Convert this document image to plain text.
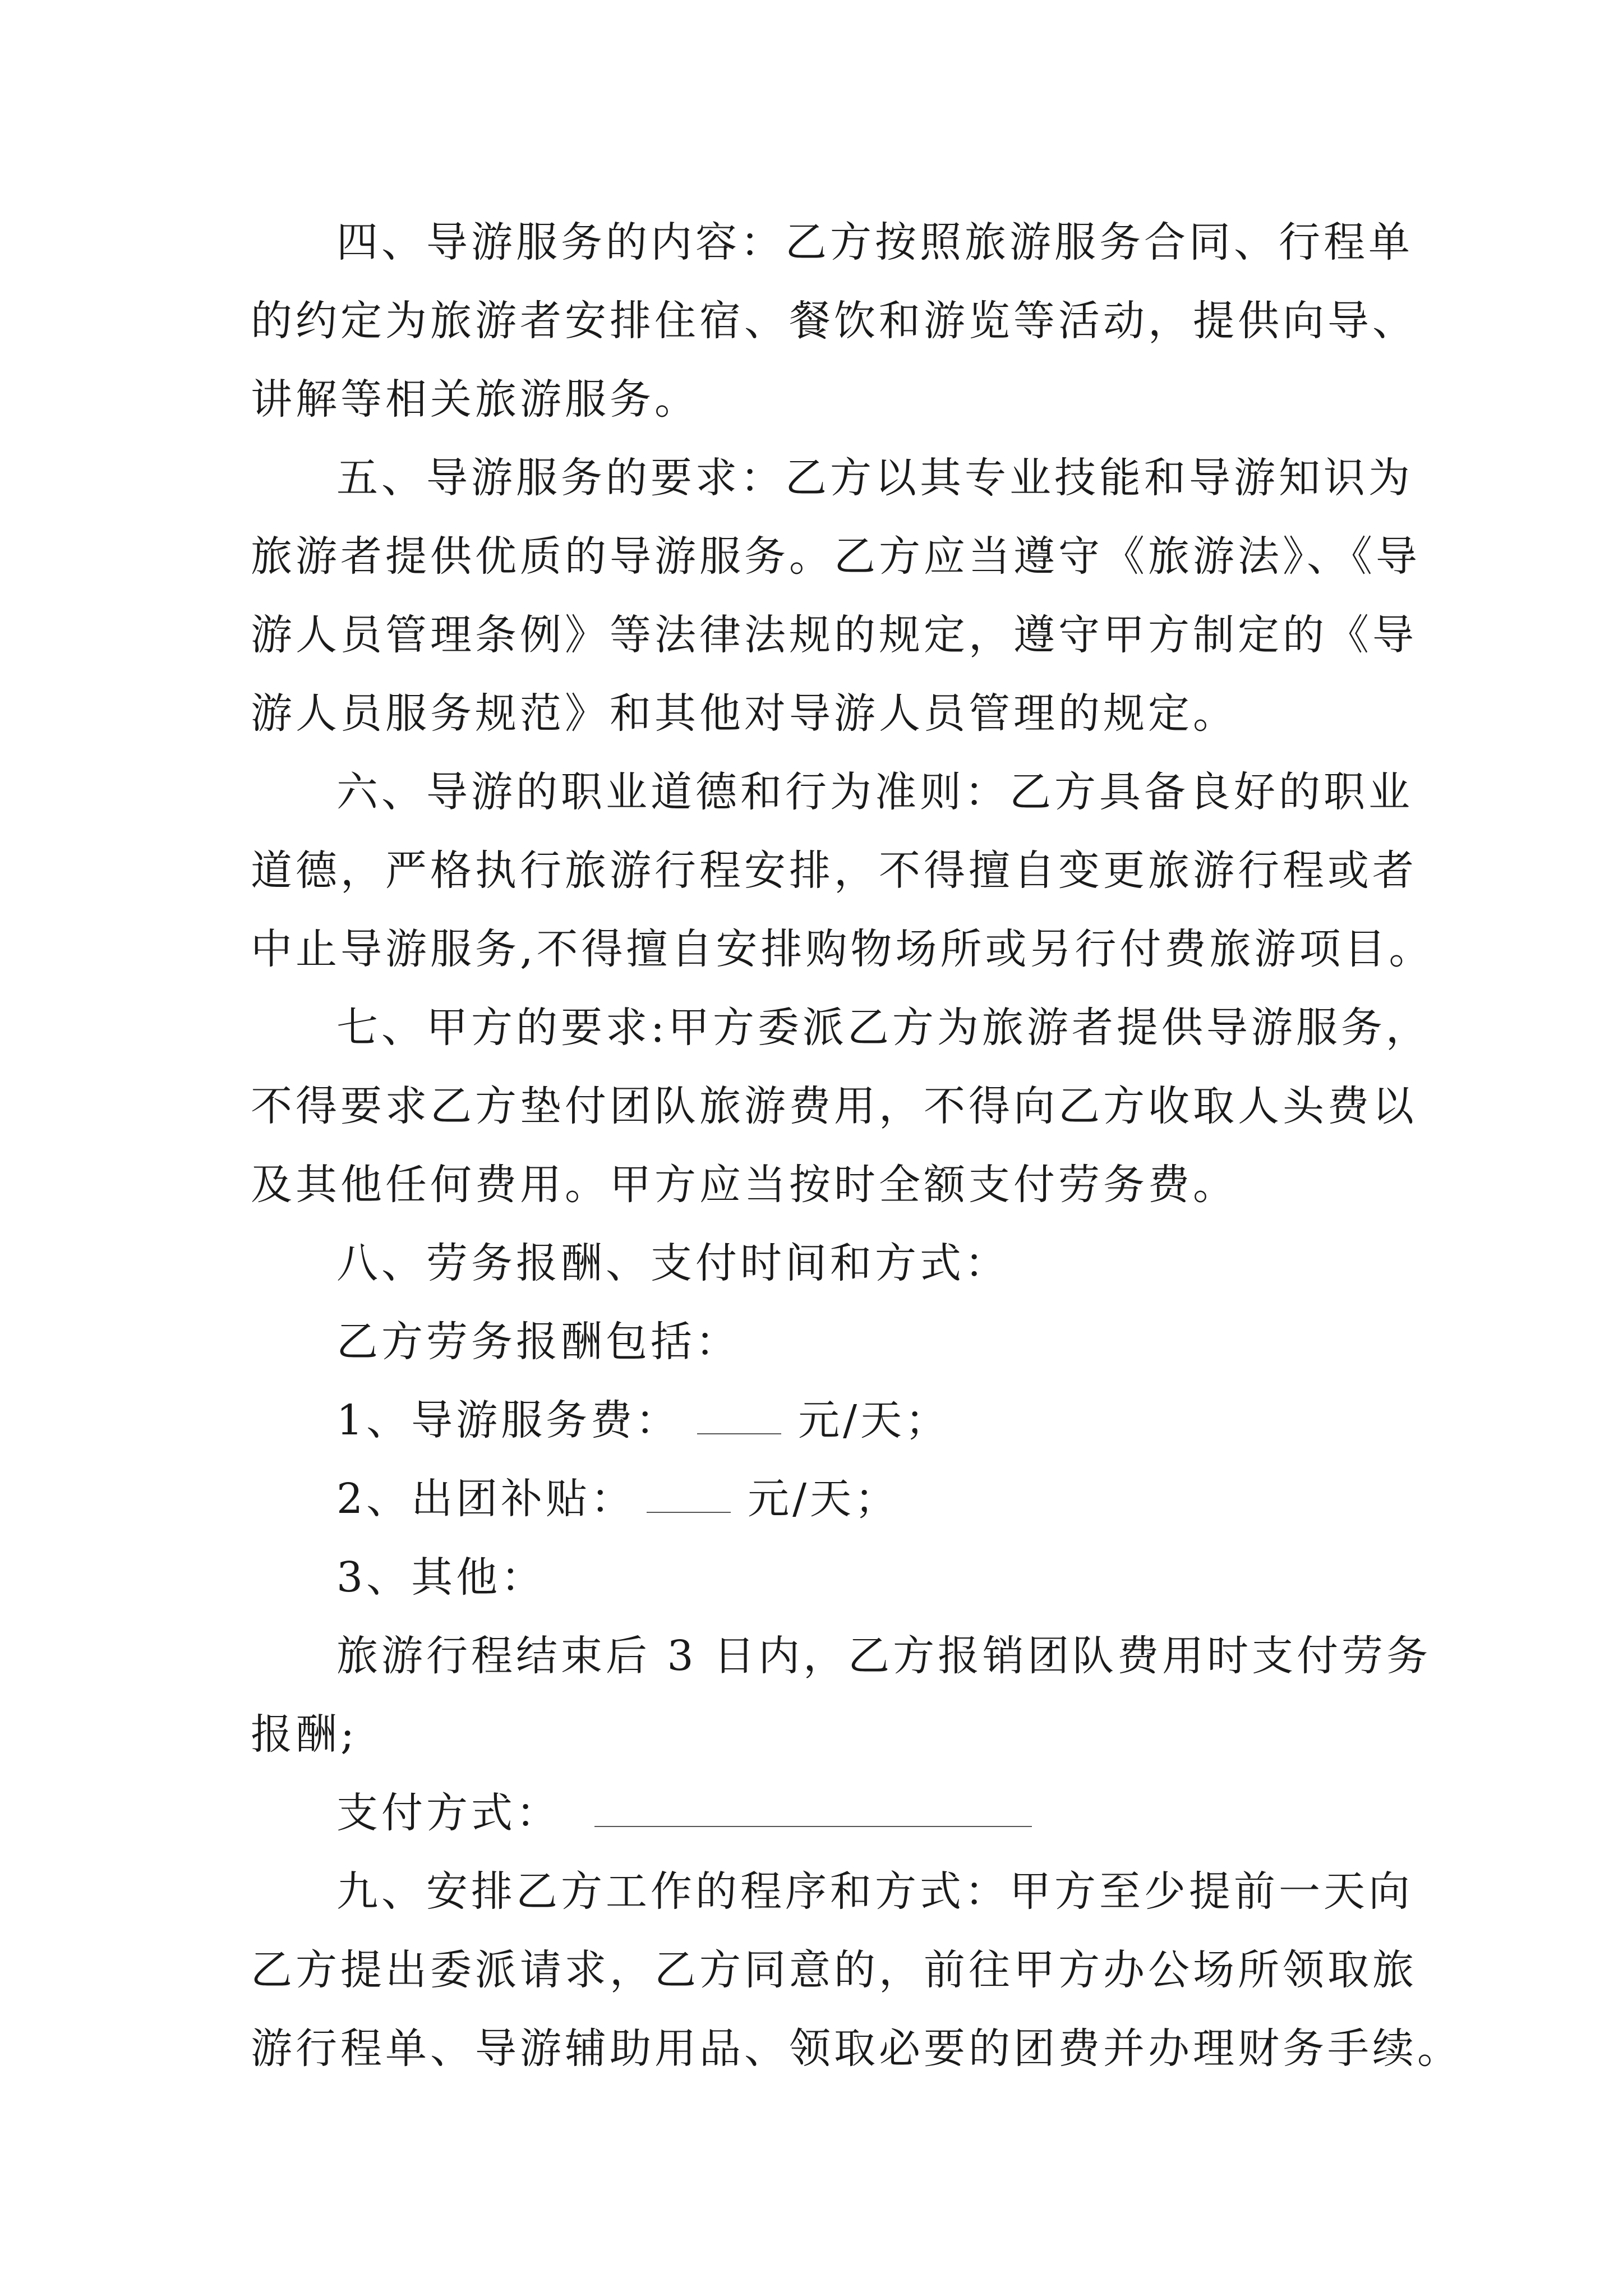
四、导游服务的内容：乙方按照旅游服务合同、行程单
的约定为旅游者安排住宿、餐饮和游览等活动，提供向导、
讲解等相关旅游服务。
五、导游服务的要求：乙方以其专业技能和导游知识为
旅游者提供优质的导游服务。乙方应当遵守《旅游法》、《导
游人员管理条例》等法律法规的规定，遵守甲方制定的《导
游人员服务规范》和其他对导游人员管理的规定。
六、导游的职业道德和行为准则：乙方具备良好的职业
道德，严格执行旅游行程安排，不得擅自变更旅游行程或者
中止导游服务,不得擅自安排购物场所或另行付费旅游项目。
七、甲方的要求:甲方委派乙方为旅游者提供导游服务，
不得要求乙方垫付团队旅游费用，不得向乙方收取人头费以
及其他任何费用。甲方应当按时全额支付劳务费。
八、劳务报酬、支付时间和方式：
乙方劳务报酬包括：
1、导游服务费：	元/天；
2、出团补贴：	元/天；
3、其他：
旅游行程结束后 3 日内，乙方报销团队费用时支付劳务
报酬;
支付方式：
九、安排乙方工作的程序和方式：甲方至少提前一天向
乙方提出委派请求，乙方同意的，前往甲方办公场所领取旅
游行程单、导游辅助用品、领取必要的团费并办理财务手续。
